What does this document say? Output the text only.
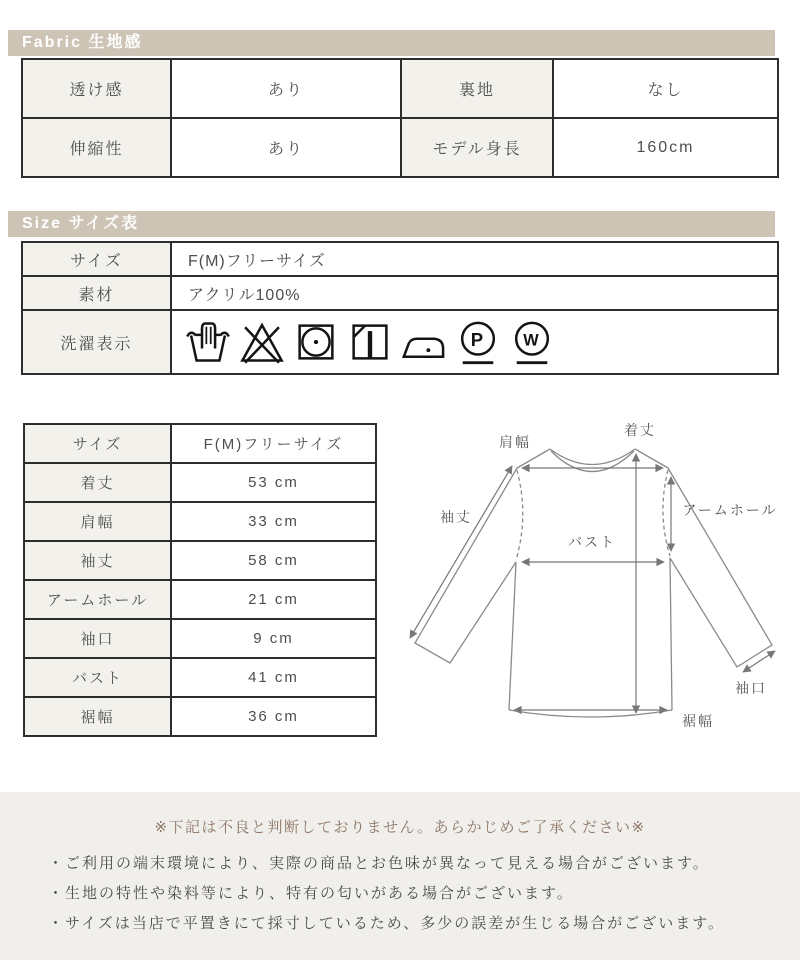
Fabric 生地感
透け感	あり	裏地	なし
伸縮性	あり	モデル身長	160cm
Size サイズ表
サイズ	F(M)フリーサイズ
素材	アクリル100%
洗濯表示	P W
サイズ	F(M)フリーサイズ
着丈	53 cm
肩幅	33 cm
袖丈	58 cm
アームホール	21 cm
袖口	9 cm
バスト	41 cm
裾幅	36 cm
着丈
肩幅
袖丈	アームホール
バスト
袖口
裾幅
※下記は不良と判断しておりません。あらかじめご了承ください※
・ご利用の端末環境により、実際の商品とお色味が異なって見える場合がございます。
・生地の特性や染料等により、特有の匂いがある場合がございます。
・サイズは当店で平置きにて採寸しているため、多少の誤差が生じる場合がございます。
